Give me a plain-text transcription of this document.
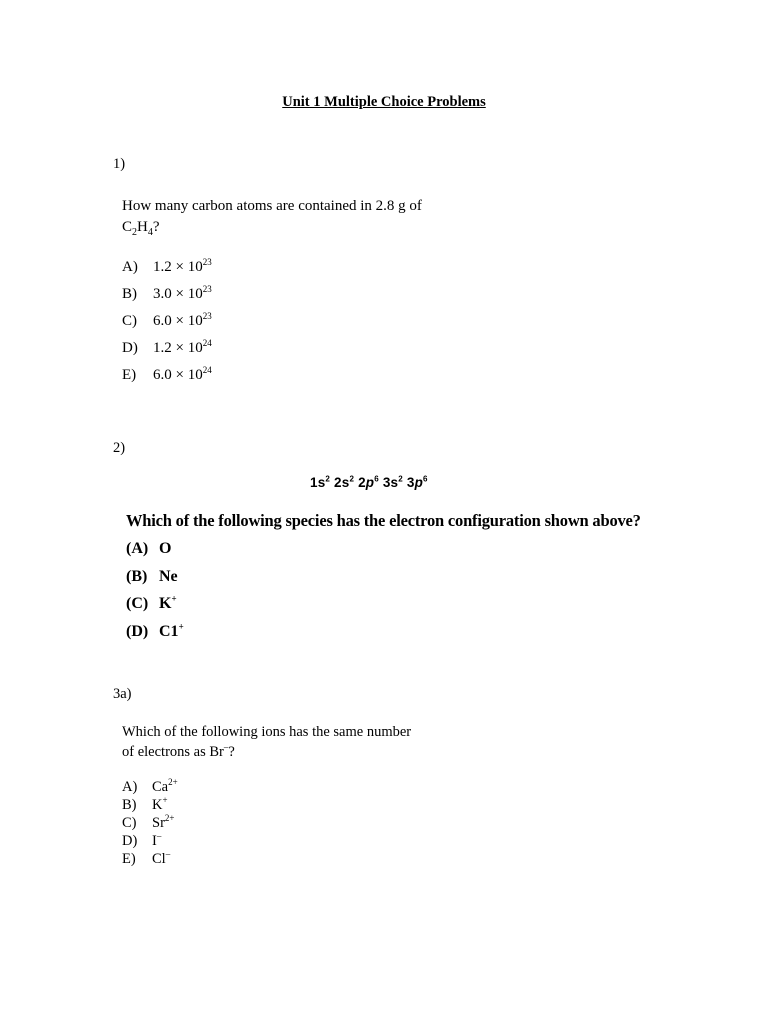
Unit 1 Multiple Choice Problems
1)
How many carbon atoms are contained in 2.8 g of
$C_2H_4$?
A)	$1.2 \times 10^{23}$
B)	$3.0 \times 10^{23}$
C)	$6.0 \times 10^{23}$
D)	$1.2 \times 10^{24}$
E)	$6.0 \times 10^{24}$
2)
$1s^2$ $2s^2$ $2p^6$ $3s^2$ $3p^6$
Which of the following species has the electron configuration shown above?
(A) O
(B) Ne
(C) K+
(D) C1+
3a)
Which of the following ions has the same number
of electrons as Br–?
A)	$Ca^{2+}$
B)	K+
C)	$Sr^{2+}$
D)	I–
E)	Cl–
